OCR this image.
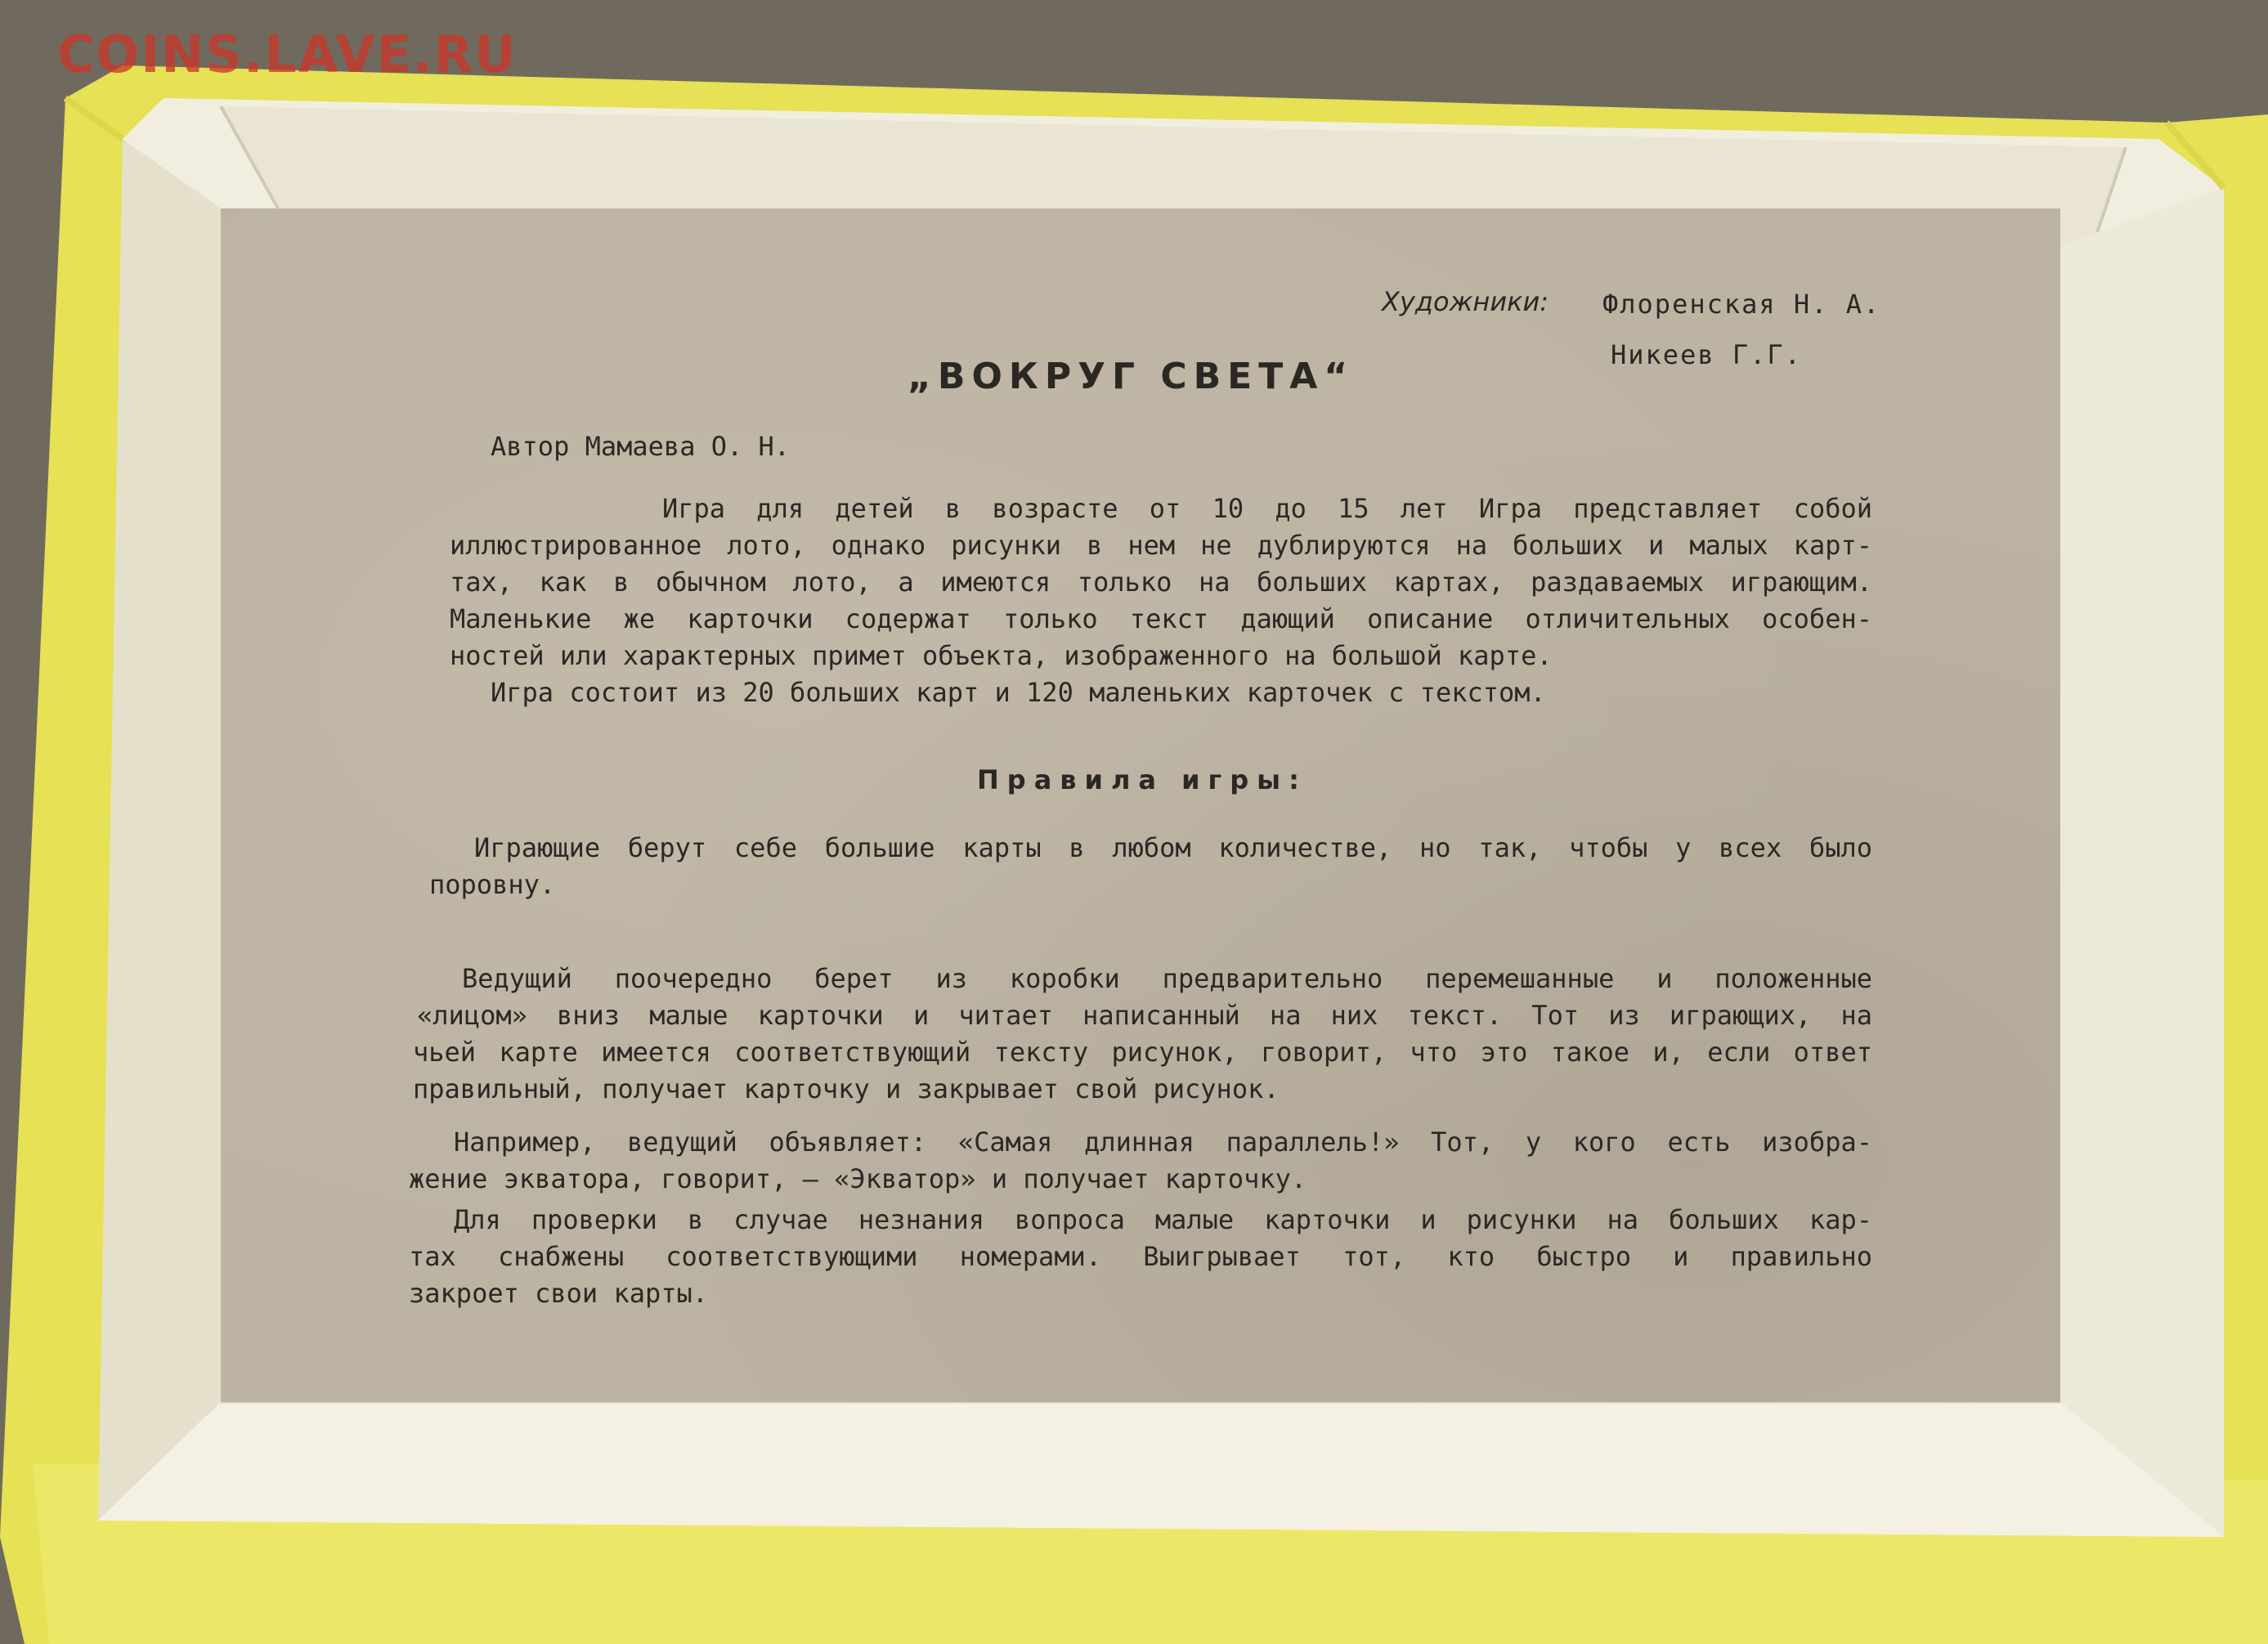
COINS.LAVE.RU
Художники: Флоренская Н. А.
Никеев Г.Г.
„ВОКРУГ СВЕТА“
Автор Мамаева О. Н.
Игра для детей в возрасте от 10 до 15 лет Игра представляет собой
иллюстрированное лото, однако рисунки в нем не дублируются на больших и малых карт-
тах, как в обычном лото, а имеются только на больших картах, раздаваемых играющим.
Маленькие же карточки содержат только текст дающий описание отличительных особен-
ностей или характерных примет объекта, изображенного на большой карте.
Игра состоит из 20 больших карт и 120 маленьких карточек с текстом.
Правила игры:
Играющие берут себе большие карты в любом количестве, но так, чтобы у всех было
поровну.
Ведущий поочередно берет из коробки предварительно перемешанные и положенные
«лицом» вниз малые карточки и читает написанный на них текст. Тот из играющих, на
чьей карте имеется соответствующий тексту рисунок, говорит, что это такое и, если ответ
правильный, получает карточку и закрывает свой рисунок.
Например, ведущий объявляет: «Самая длинная параллель!» Тот, у кого есть изобра-
жение экватора, говорит, — «Экватор» и получает карточку.
Для проверки в случае незнания вопроса малые карточки и рисунки на больших кар-
тах снабжены соответствующими номерами. Выигрывает тот, кто быстро и правильно
закроет свои карты.
